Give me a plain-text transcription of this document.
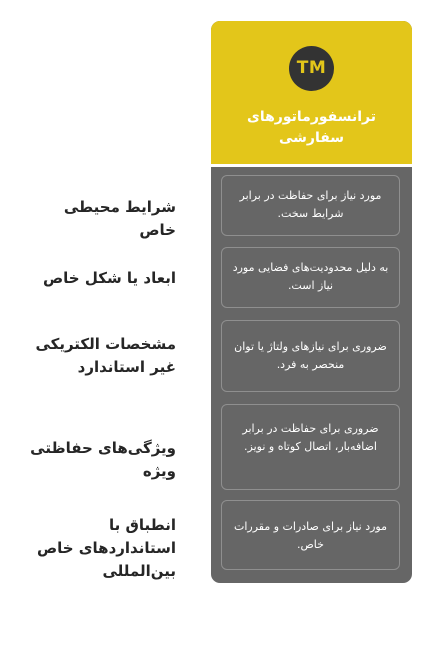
شرایط محیطی خاص
ابعاد یا شکل خاص
مشخصات الکتریکی غیر استاندارد
ویژگی‌های حفاظتی ویژه
انطباق با استانداردهای خاص بین‌المللی
TM
ترانسفورماتورهای سفارشی
مورد نیاز برای حفاظت در برابر شرایط سخت.
به دلیل محدودیت‌های فضایی مورد نیاز است.
ضروری برای نیازهای ولتاژ یا توان منحصر به فرد.
ضروری برای حفاظت در برابر اضافه‌بار، اتصال کوتاه و نویز.
مورد نیاز برای صادرات و مقررات خاص.
